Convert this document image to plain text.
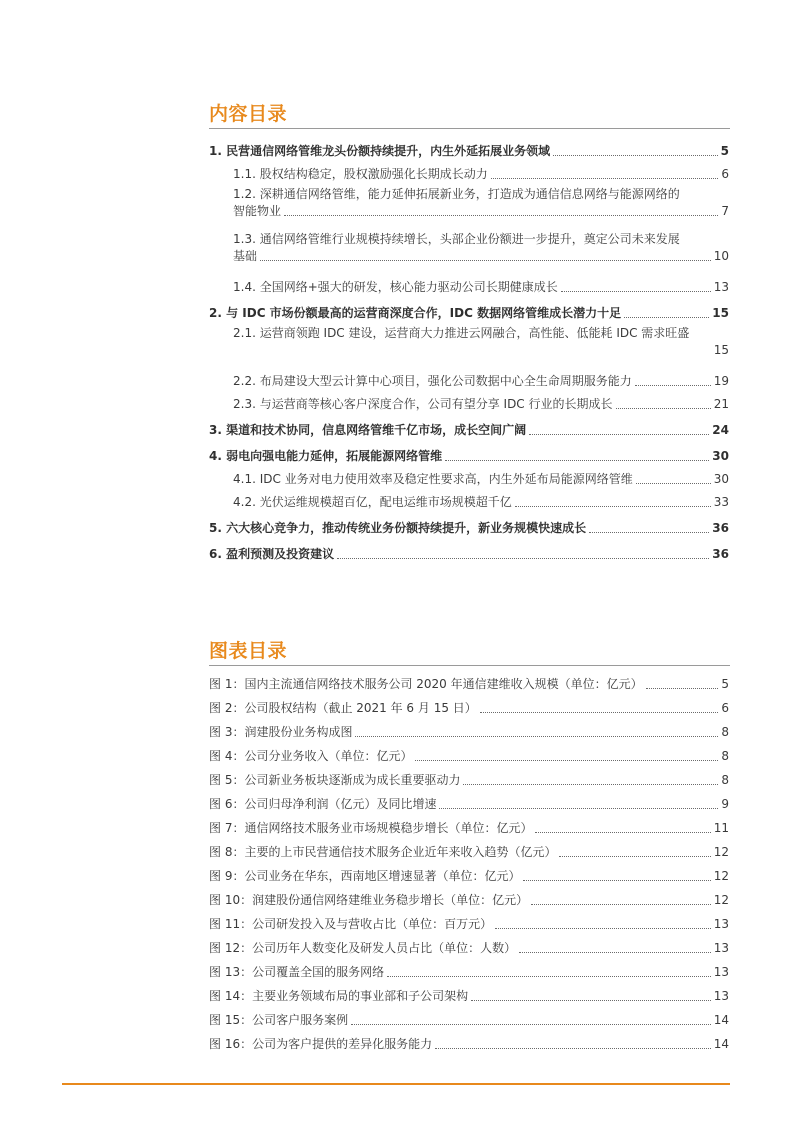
内容目录
1. 民营通信网络管维龙头份额持续提升，内生外延拓展业务领域	5
1.1. 股权结构稳定，股权激励强化长期成长动力	6
1.2. 深耕通信网络管维，能力延伸拓展新业务，打造成为通信信息网络与能源网络的
智能物业	7
1.3. 通信网络管维行业规模持续增长，头部企业份额进一步提升，奠定公司未来发展
基础	10
1.4. 全国网络+强大的研发，核心能力驱动公司长期健康成长	13
2. 与 IDC 市场份额最高的运营商深度合作，IDC 数据网络管维成长潜力十足	15
2.1. 运营商领跑 IDC 建设，运营商大力推进云网融合，高性能、低能耗 IDC 需求旺盛
15
2.2. 布局建设大型云计算中心项目，强化公司数据中心全生命周期服务能力	19
2.3. 与运营商等核心客户深度合作，公司有望分享 IDC 行业的长期成长	21
3. 渠道和技术协同，信息网络管维千亿市场，成长空间广阔	24
4. 弱电向强电能力延伸，拓展能源网络管维	30
4.1. IDC 业务对电力使用效率及稳定性要求高，内生外延布局能源网络管维	30
4.2. 光伏运维规模超百亿，配电运维市场规模超千亿	33
5. 六大核心竞争力，推动传统业务份额持续提升，新业务规模快速成长	36
6. 盈利预测及投资建议	36
图表目录
图 1：国内主流通信网络技术服务公司 2020 年通信建维收入规模（单位：亿元）	5
图 2：公司股权结构（截止 2021 年 6 月 15 日）	6
图 3：润建股份业务构成图	8
图 4：公司分业务收入（单位：亿元）	8
图 5：公司新业务板块逐渐成为成长重要驱动力	8
图 6：公司归母净利润（亿元）及同比增速	9
图 7：通信网络技术服务业市场规模稳步增长（单位：亿元）	11
图 8：主要的上市民营通信技术服务企业近年来收入趋势（亿元）	12
图 9：公司业务在华东，西南地区增速显著（单位：亿元）	12
图 10：润建股份通信网络建维业务稳步增长（单位：亿元）	12
图 11：公司研发投入及与营收占比（单位：百万元）	13
图 12：公司历年人数变化及研发人员占比（单位：人数）	13
图 13：公司覆盖全国的服务网络	13
图 14：主要业务领域布局的事业部和子公司架构	13
图 15：公司客户服务案例	14
图 16：公司为客户提供的差异化服务能力	14
